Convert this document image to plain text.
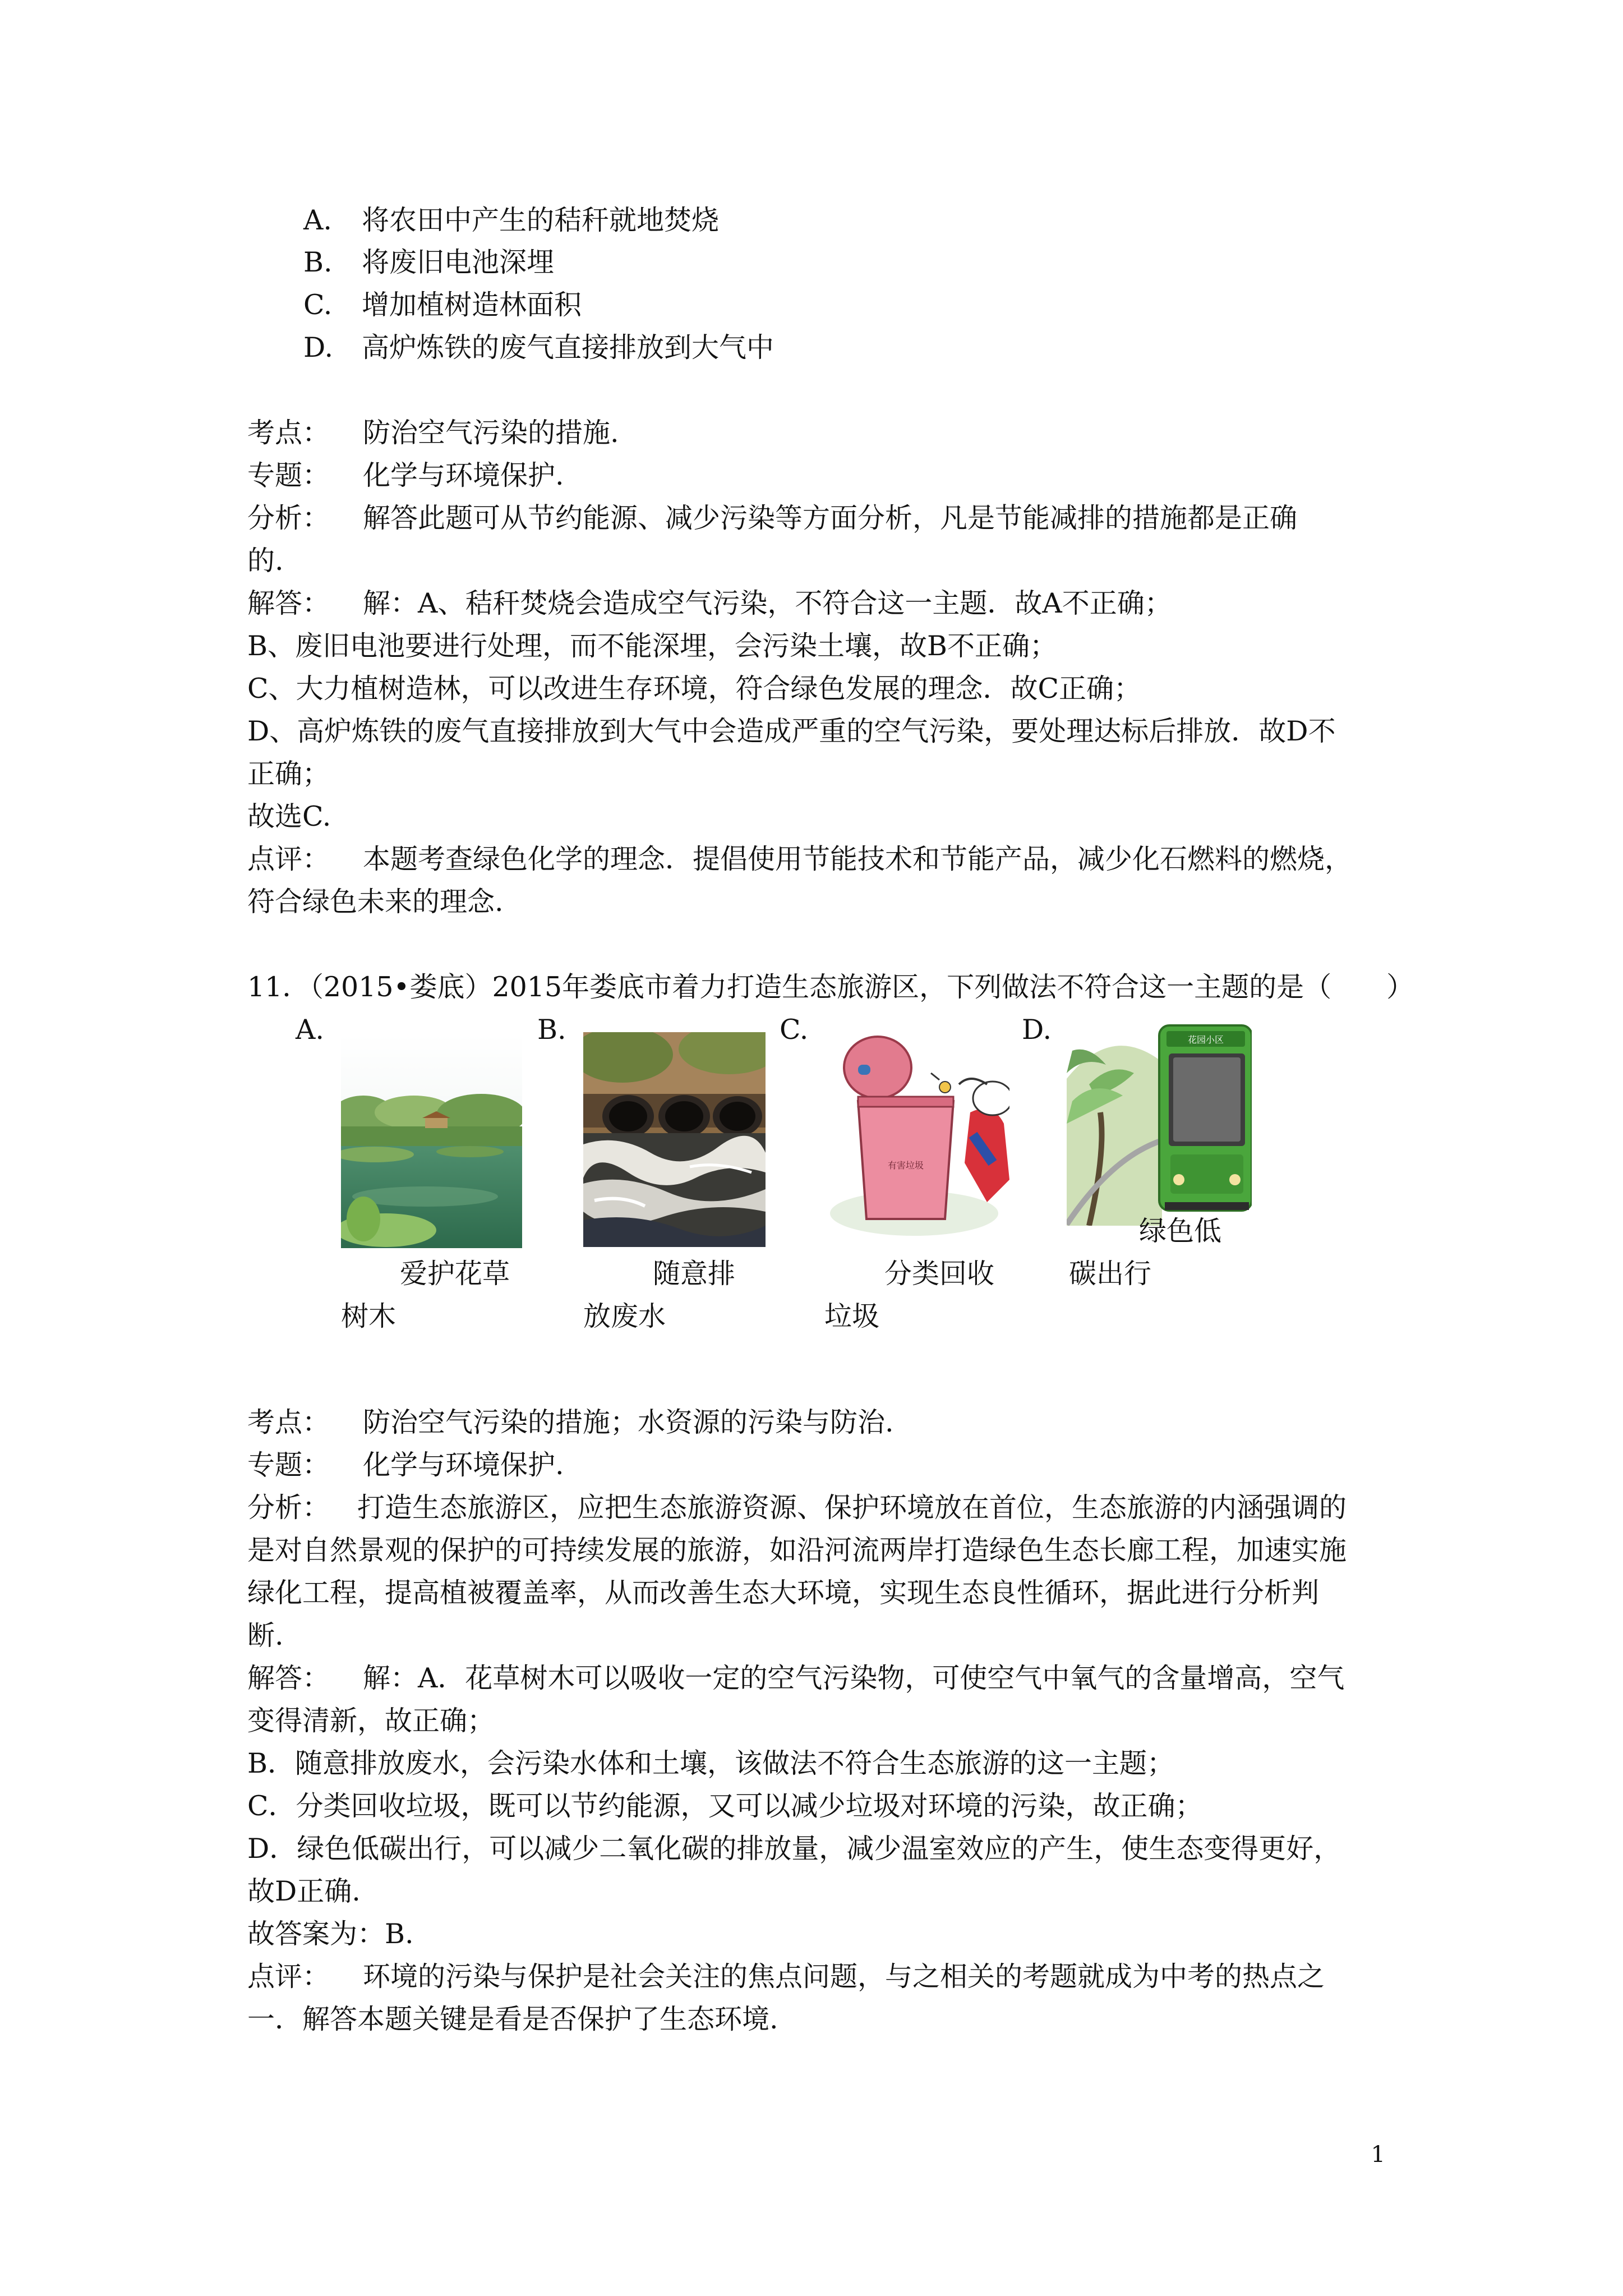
A. 将农田中产生的秸秆就地焚烧
B. 将废旧电池深埋
C. 增加植树造林面积
D. 高炉炼铁的废气直接排放到大气中
考点： 防治空气污染的措施.
专题： 化学与环境保护.
分析： 解答此题可从节约能源、减少污染等方面分析，凡是节能减排的措施都是正确
的.
解答： 解：A、秸秆焚烧会造成空气污染，不符合这一主题．故A不正确；
B、废旧电池要进行处理，而不能深埋，会污染土壤，故B不正确；
C、大力植树造林，可以改进生存环境，符合绿色发展的理念．故C正确；
D、高炉炼铁的废气直接排放到大气中会造成严重的空气污染，要处理达标后排放．故D不
正确；
故选C.
点评： 本题考查绿色化学的理念．提倡使用节能技术和节能产品，减少化石燃料的燃烧，
符合绿色未来的理念.
11．（2015•娄底）2015年娄底市着力打造生态旅游区，下列做法不符合这一主题的是（　　）
A.	B.	C.	D.
有害垃圾
花园小区
绿色低
爱护花草	随意排	分类回收	碳出行
树木	放废水	垃圾
考点： 防治空气污染的措施；水资源的污染与防治.
专题： 化学与环境保护.
分析： 打造生态旅游区，应把生态旅游资源、保护环境放在首位，生态旅游的内涵强调的
是对自然景观的保护的可持续发展的旅游，如沿河流两岸打造绿色生态长廊工程，加速实施
绿化工程，提高植被覆盖率，从而改善生态大环境，实现生态良性循环，据此进行分析判
断.
解答： 解：A．花草树木可以吸收一定的空气污染物，可使空气中氧气的含量增高，空气
变得清新，故正确；
B．随意排放废水，会污染水体和土壤，该做法不符合生态旅游的这一主题；
C．分类回收垃圾，既可以节约能源，又可以减少垃圾对环境的污染，故正确；
D．绿色低碳出行，可以减少二氧化碳的排放量，减少温室效应的产生，使生态变得更好，
故D正确.
故答案为：B.
点评： 环境的污染与保护是社会关注的焦点问题，与之相关的考题就成为中考的热点之
一．解答本题关键是看是否保护了生态环境.
1
